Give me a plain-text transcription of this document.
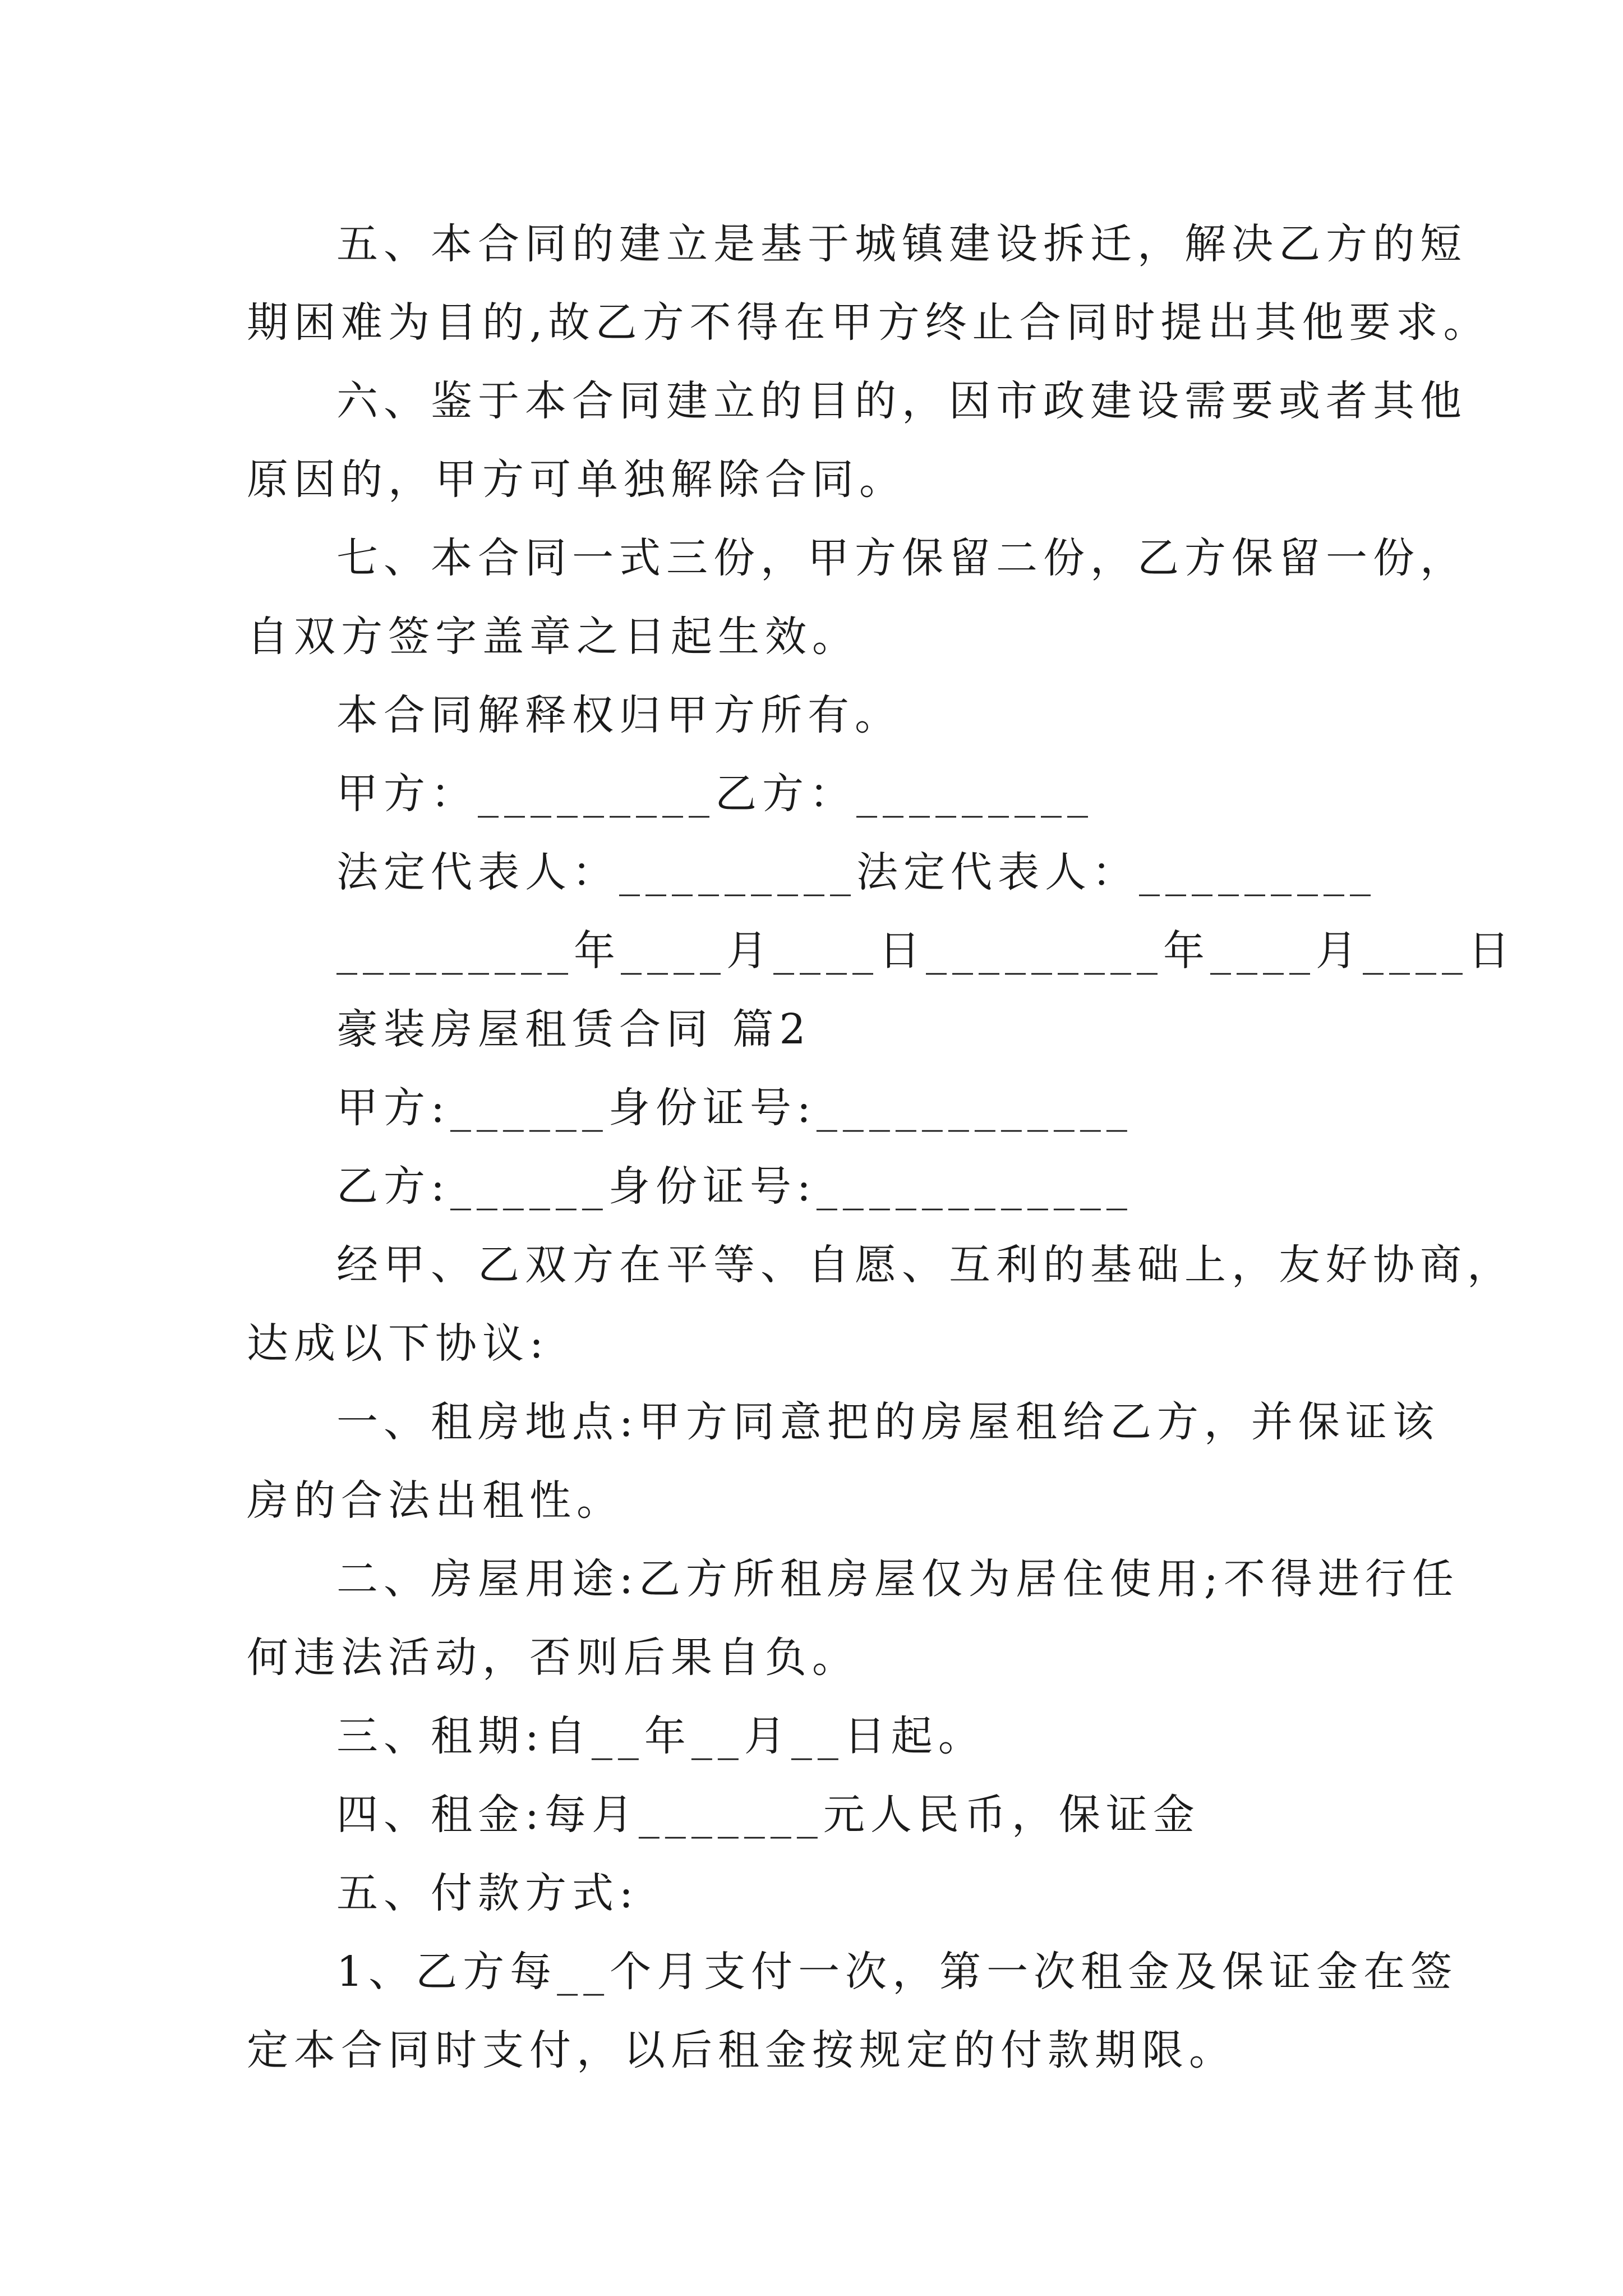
五、本合同的建立是基于城镇建设拆迁，解决乙方的短
期困难为目的,故乙方不得在甲方终止合同时提出其他要求。
六、鉴于本合同建立的目的，因市政建设需要或者其他
原因的，甲方可单独解除合同。
七、本合同一式三份，甲方保留二份，乙方保留一份，
自双方签字盖章之日起生效。
本合同解释权归甲方所有。
甲方：_________乙方：_________
法定代表人：_________法定代表人：_________
_________年____月____日_________年____月____日
豪装房屋租赁合同 篇2
甲方:______身份证号:____________
乙方:______身份证号:____________
经甲、乙双方在平等、自愿、互利的基础上，友好协商，
达成以下协议:
一、租房地点:甲方同意把的房屋租给乙方，并保证该
房的合法出租性。
二、房屋用途:乙方所租房屋仅为居住使用;不得进行任
何违法活动，否则后果自负。
三、租期:自__年__月__日起。
四、租金:每月_______元人民币，保证金
五、付款方式:
1、乙方每__个月支付一次，第一次租金及保证金在签
定本合同时支付，以后租金按规定的付款期限。
